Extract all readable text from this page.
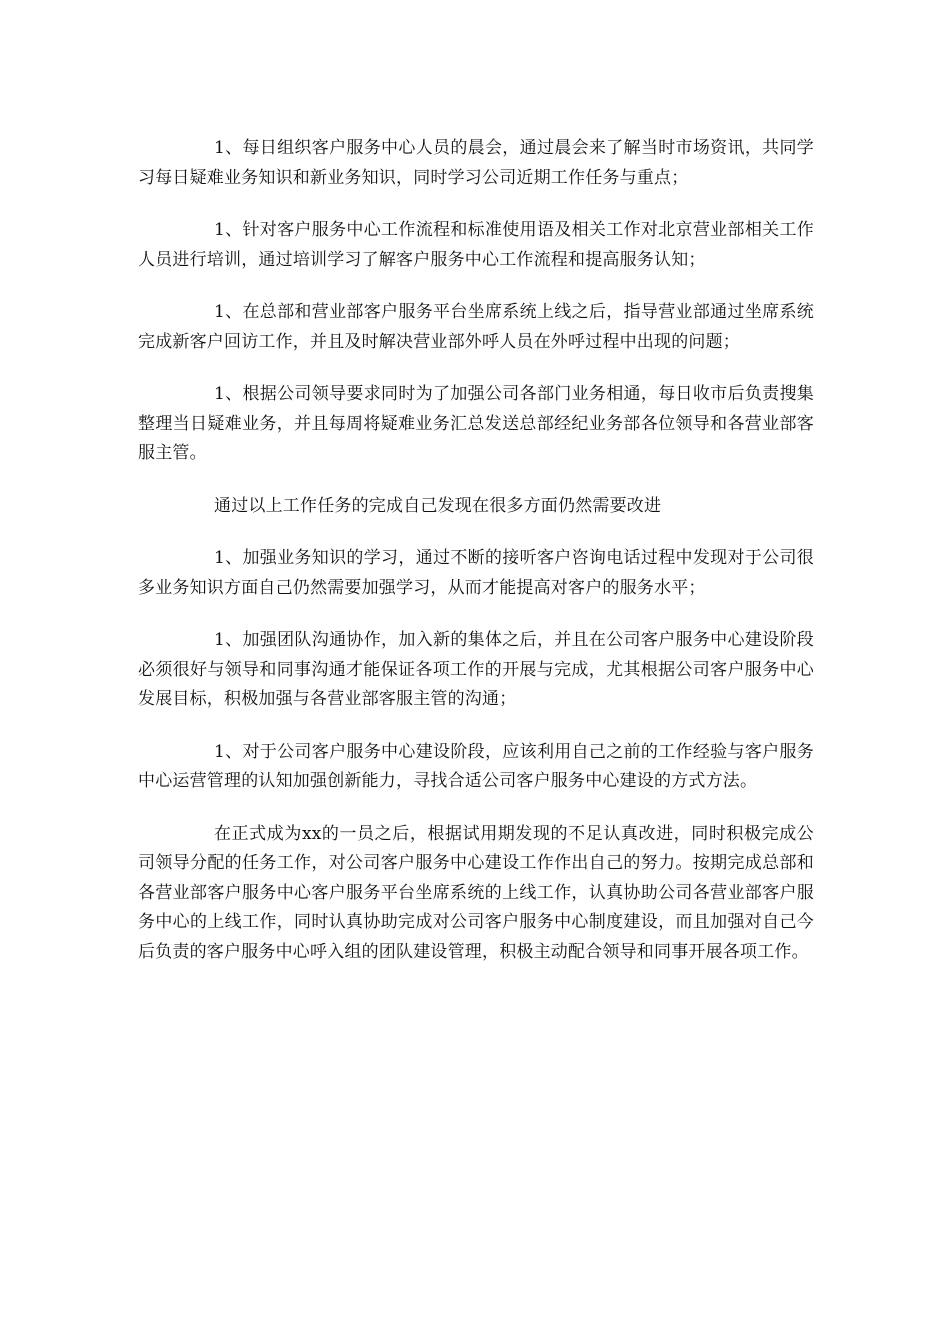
1、每日组织客户服务中心人员的晨会，通过晨会来了解当时市场资讯，共同学习每日疑难业务知识和新业务知识，同时学习公司近期工作任务与重点；

1、针对客户服务中心工作流程和标准使用语及相关工作对北京营业部相关工作人员进行培训，通过培训学习了解客户服务中心工作流程和提高服务认知；

1、在总部和营业部客户服务平台坐席系统上线之后，指导营业部通过坐席系统完成新客户回访工作，并且及时解决营业部外呼人员在外呼过程中出现的问题；

1、根据公司领导要求同时为了加强公司各部门业务相通，每日收市后负责搜集整理当日疑难业务，并且每周将疑难业务汇总发送总部经纪业务部各位领导和各营业部客服主管。

通过以上工作任务的完成自己发现在很多方面仍然需要改进

1、加强业务知识的学习，通过不断的接听客户咨询电话过程中发现对于公司很多业务知识方面自己仍然需要加强学习，从而才能提高对客户的服务水平；

1、加强团队沟通协作，加入新的集体之后，并且在公司客户服务中心建设阶段必须很好与领导和同事沟通才能保证各项工作的开展与完成，尤其根据公司客户服务中心发展目标，积极加强与各营业部客服主管的沟通；

1、对于公司客户服务中心建设阶段，应该利用自己之前的工作经验与客户服务中心运营管理的认知加强创新能力，寻找合适公司客户服务中心建设的方式方法。

在正式成为xx的一员之后，根据试用期发现的不足认真改进，同时积极完成公司领导分配的任务工作，对公司客户服务中心建设工作作出自己的努力。按期完成总部和各营业部客户服务中心客户服务平台坐席系统的上线工作，认真协助公司各营业部客户服务中心的上线工作，同时认真协助完成对公司客户服务中心制度建设，而且加强对自己今后负责的客户服务中心呼入组的团队建设管理，积极主动配合领导和同事开展各项工作。
